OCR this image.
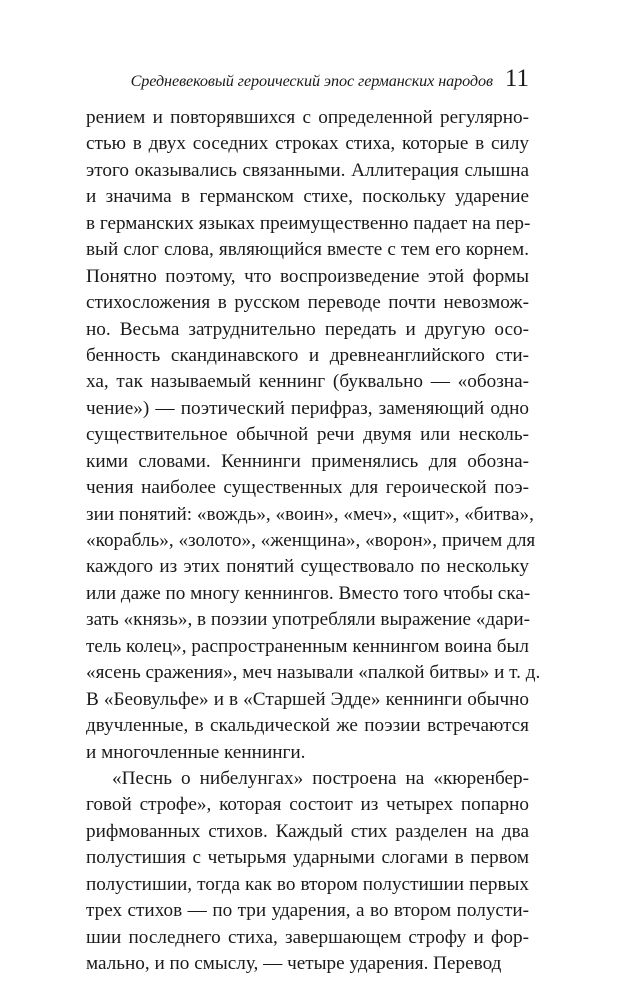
Средневековый героический эпос германских народов 11
рением и повторявшихся с определенной регулярно-
стью в двух соседних строках стиха, которые в силу
этого оказывались связанными. Аллитерация слышна
и значима в германском стихе, поскольку ударение
в германских языках преимущественно падает на пер-
вый слог слова, являющийся вместе с тем его корнем.
Понятно поэтому, что воспроизведение этой формы
стихосложения в русском переводе почти невозмож-
но. Весьма затруднительно передать и другую осо-
бенность скандинавского и древнеанглийского сти-
ха, так называемый кеннинг (буквально — «обозна-
чение») — поэтический перифраз, заменяющий одно
существительное обычной речи двумя или несколь-
кими словами. Кеннинги применялись для обозна-
чения наиболее существенных для героической поэ-
зии понятий: «вождь», «воин», «меч», «щит», «битва»,
«корабль», «золото», «женщина», «ворон», причем для
каждого из этих понятий существовало по нескольку
или даже по многу кеннингов. Вместо того чтобы ска-
зать «князь», в поэзии употребляли выражение «дари-
тель колец», распространенным кеннингом воина был
«ясень сражения», меч называли «палкой битвы» и т. д.
В «Беовульфе» и в «Старшей Эдде» кеннинги обычно
двучленные, в скальдической же поэзии встречаются
и многочленные кеннинги.
«Песнь о нибелунгах» построена на «кюренбер-
говой строфе», которая состоит из четырех попарно
рифмованных стихов. Каждый стих разделен на два
полустишия с четырьмя ударными слогами в первом
полустишии, тогда как во втором полустишии первых
трех стихов — по три ударения, а во втором полусти-
шии последнего стиха, завершающем строфу и фор-
мально, и по смыслу, — четыре ударения. Перевод
